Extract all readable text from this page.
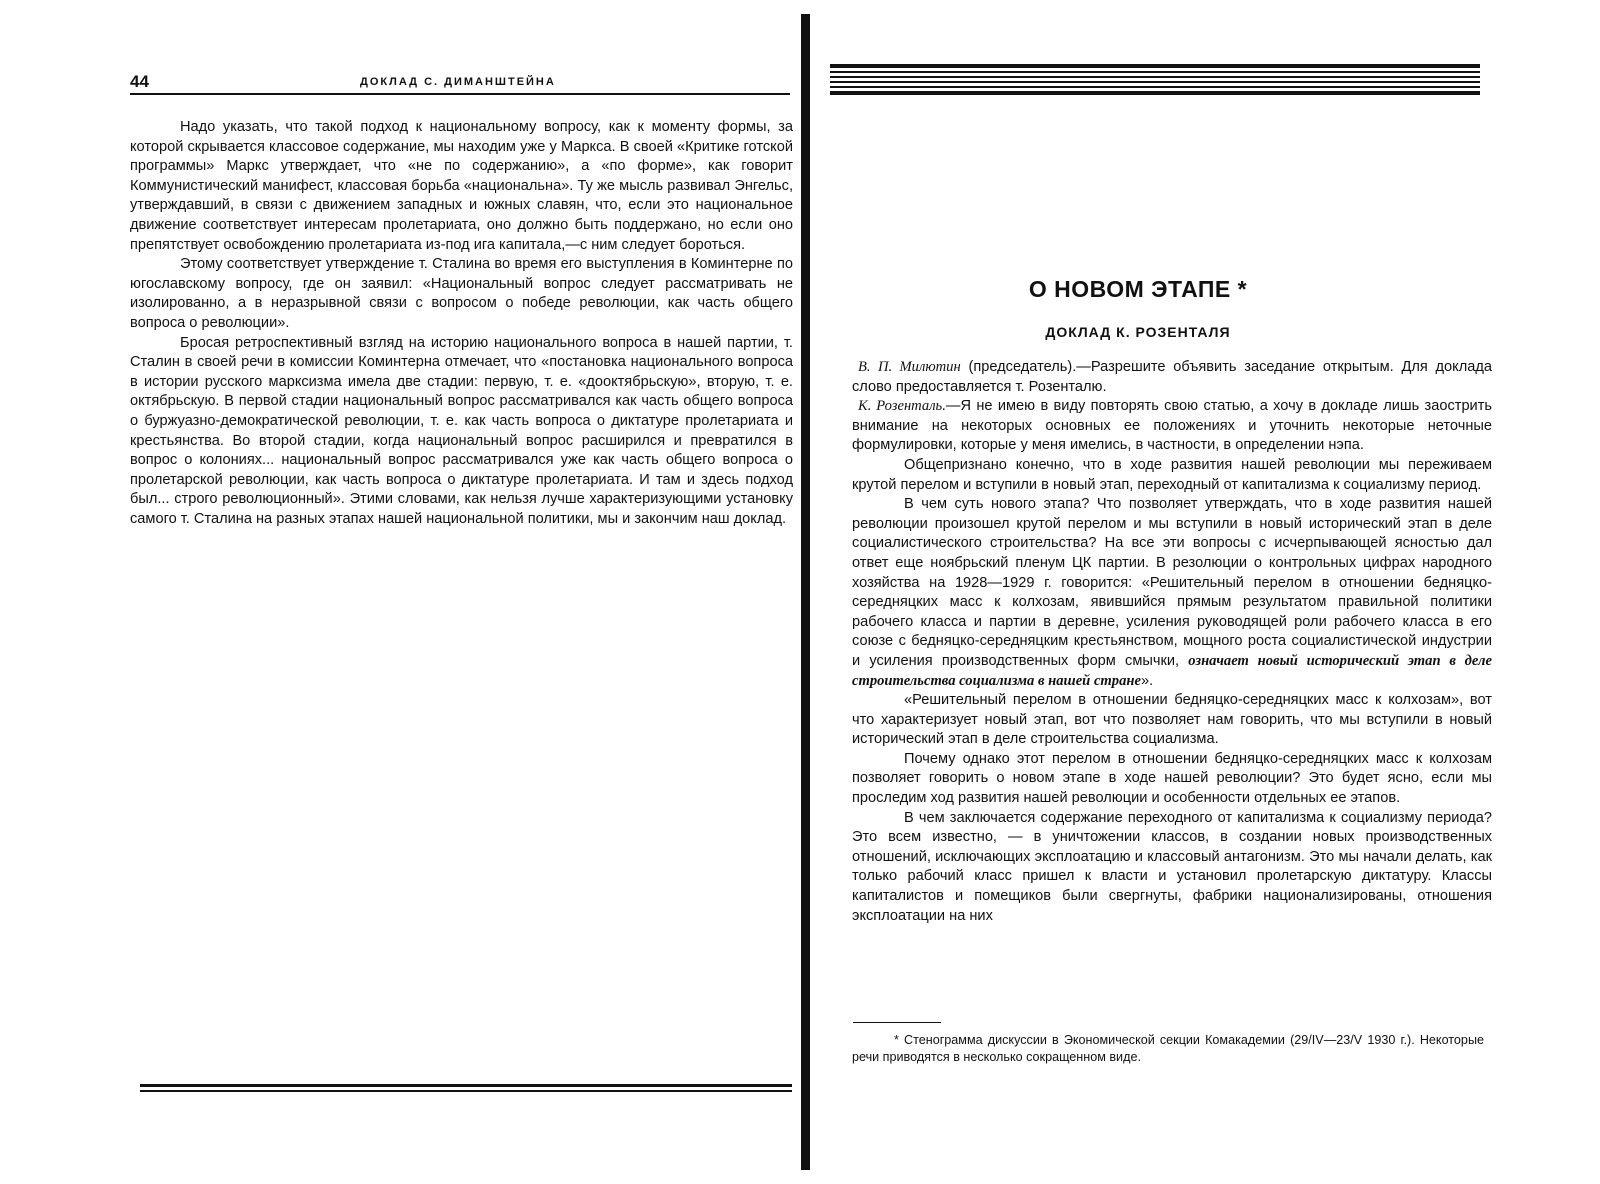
44	ДОКЛАД С. ДИМАНШТЕЙНА

Надо указать, что такой подход к национальному вопросу, как к моменту формы, за которой скрывается классовое содержание, мы находим уже у Маркса. В своей «Критике готской программы» Маркс утверждает, что «не по содержанию», а «по форме», как говорит Коммунистический манифест, классовая борьба «национальна». Ту же мысль развивал Энгельс, утверждавший, в связи с движением западных и южных славян, что, если это национальное движение соответствует интересам пролетариата, оно должно быть поддержано, но если оно препятствует освобождению пролетариата из-под ига капитала,—с ним следует бороться.

Этому соответствует утверждение т. Сталина во время его выступления в Коминтерне по югославскому вопросу, где он заявил: «Национальный вопрос следует рассматривать не изолированно, а в неразрывной связи с вопросом о победе революции, как часть общего вопроса о революции».

Бросая ретроспективный взгляд на историю национального вопроса в нашей партии, т. Сталин в своей речи в комиссии Коминтерна отмечает, что «постановка национального вопроса в истории русского марксизма имела две стадии: первую, т. е. «дооктябрьскую», вторую, т. е. октябрьскую. В первой стадии национальный вопрос рассматривался как часть общего вопроса о буржуазно-демократической революции, т. е. как часть вопроса о диктатуре пролетариата и крестьянства. Во второй стадии, когда национальный вопрос расширился и превратился в вопрос о колониях... национальный вопрос рассматривался уже как часть общего вопроса о пролетарской революции, как часть вопроса о диктатуре пролетариата. И там и здесь подход был... строго революционный». Этими словами, как нельзя лучше характеризующими установку самого т. Сталина на разных этапах нашей национальной политики, мы и закончим наш доклад.

О НОВОМ ЭТАПЕ *
ДОКЛАД К. РОЗЕНТАЛЯ

В. П. Милютин (председатель).—Разрешите объявить заседание открытым. Для доклада слово предоставляется т. Розенталю.

К. Розенталь.—Я не имею в виду повторять свою статью, а хочу в докладе лишь заострить внимание на некоторых основных ее положениях и уточнить некоторые неточные формулировки, которые у меня имелись, в частности, в определении нэпа.

Общепризнано конечно, что в ходе развития нашей революции мы переживаем крутой перелом и вступили в новый этап, переходный от капитализма к социализму период.

В чем суть нового этапа? Что позволяет утверждать, что в ходе развития нашей революции произошел крутой перелом и мы вступили в новый исторический этап в деле социалистического строительства? На все эти вопросы с исчерпывающей ясностью дал ответ еще ноябрьский пленум ЦК партии. В резолюции о контрольных цифрах народного хозяйства на 1928—1929 г. говорится: «Решительный перелом в отношении бедняцко-середняцких масс к колхозам, явившийся прямым результатом правильной политики рабочего класса и партии в деревне, усиления руководящей роли рабочего класса в его союзе с бедняцко-середняцким крестьянством, мощного роста социалистической индустрии и усиления производственных форм смычки, означает новый исторический этап в деле строительства социализма в нашей стране».

«Решительный перелом в отношении бедняцко-середняцких масс к колхозам», вот что характеризует новый этап, вот что позволяет нам говорить, что мы вступили в новый исторический этап в деле строительства социализма.

Почему однако этот перелом в отношении бедняцко-середняцких масс к колхозам позволяет говорить о новом этапе в ходе нашей революции? Это будет ясно, если мы проследим ход развития нашей революции и особенности отдельных ее этапов.

В чем заключается содержание переходного от капитализма к социализму периода? Это всем известно, — в уничтожении классов, в создании новых производственных отношений, исключающих эксплоатацию и классовый антагонизм. Это мы начали делать, как только рабочий класс пришел к власти и установил пролетарскую диктатуру. Классы капиталистов и помещиков были свергнуты, фабрики национализированы, отношения эксплоатации на них

* Стенограмма дискуссии в Экономической секции Комакадемии (29/IV—23/V 1930 г.). Некоторые речи приводятся в несколько сокращенном виде.
